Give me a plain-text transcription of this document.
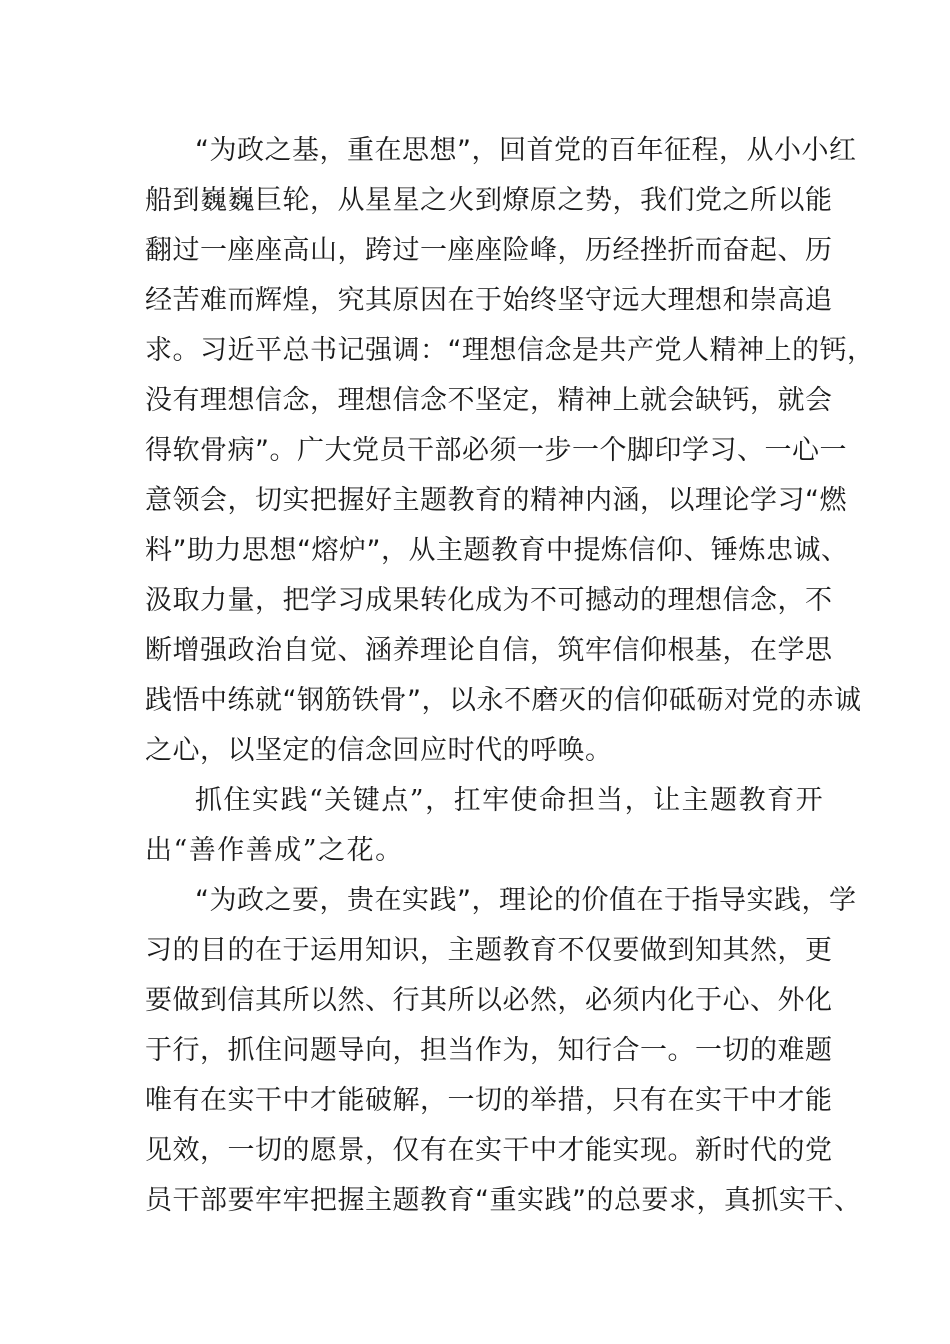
“为政之基，重在思想”，回首党的百年征程，从小小红
船到巍巍巨轮，从星星之火到燎原之势，我们党之所以能
翻过一座座高山，跨过一座座险峰，历经挫折而奋起、历
经苦难而辉煌，究其原因在于始终坚守远大理想和崇高追
求。习近平总书记强调：“理想信念是共产党人精神上的钙，
没有理想信念，理想信念不坚定，精神上就会缺钙，就会
得软骨病”。广大党员干部必须一步一个脚印学习、一心一
意领会，切实把握好主题教育的精神内涵，以理论学习“燃
料”助力思想“熔炉”，从主题教育中提炼信仰、锤炼忠诚、
汲取力量，把学习成果转化成为不可撼动的理想信念，不
断增强政治自觉、涵养理论自信，筑牢信仰根基，在学思
践悟中练就“钢筋铁骨”，以永不磨灭的信仰砥砺对党的赤诚
之心，以坚定的信念回应时代的呼唤。
抓住实践“关键点”，扛牢使命担当，让主题教育开
出“善作善成”之花。
“为政之要，贵在实践”，理论的价值在于指导实践，学
习的目的在于运用知识，主题教育不仅要做到知其然，更
要做到信其所以然、行其所以必然，必须内化于心、外化
于行，抓住问题导向，担当作为，知行合一。一切的难题
唯有在实干中才能破解，一切的举措，只有在实干中才能
见效，一切的愿景，仅有在实干中才能实现。新时代的党
员干部要牢牢把握主题教育“重实践”的总要求，真抓实干、
